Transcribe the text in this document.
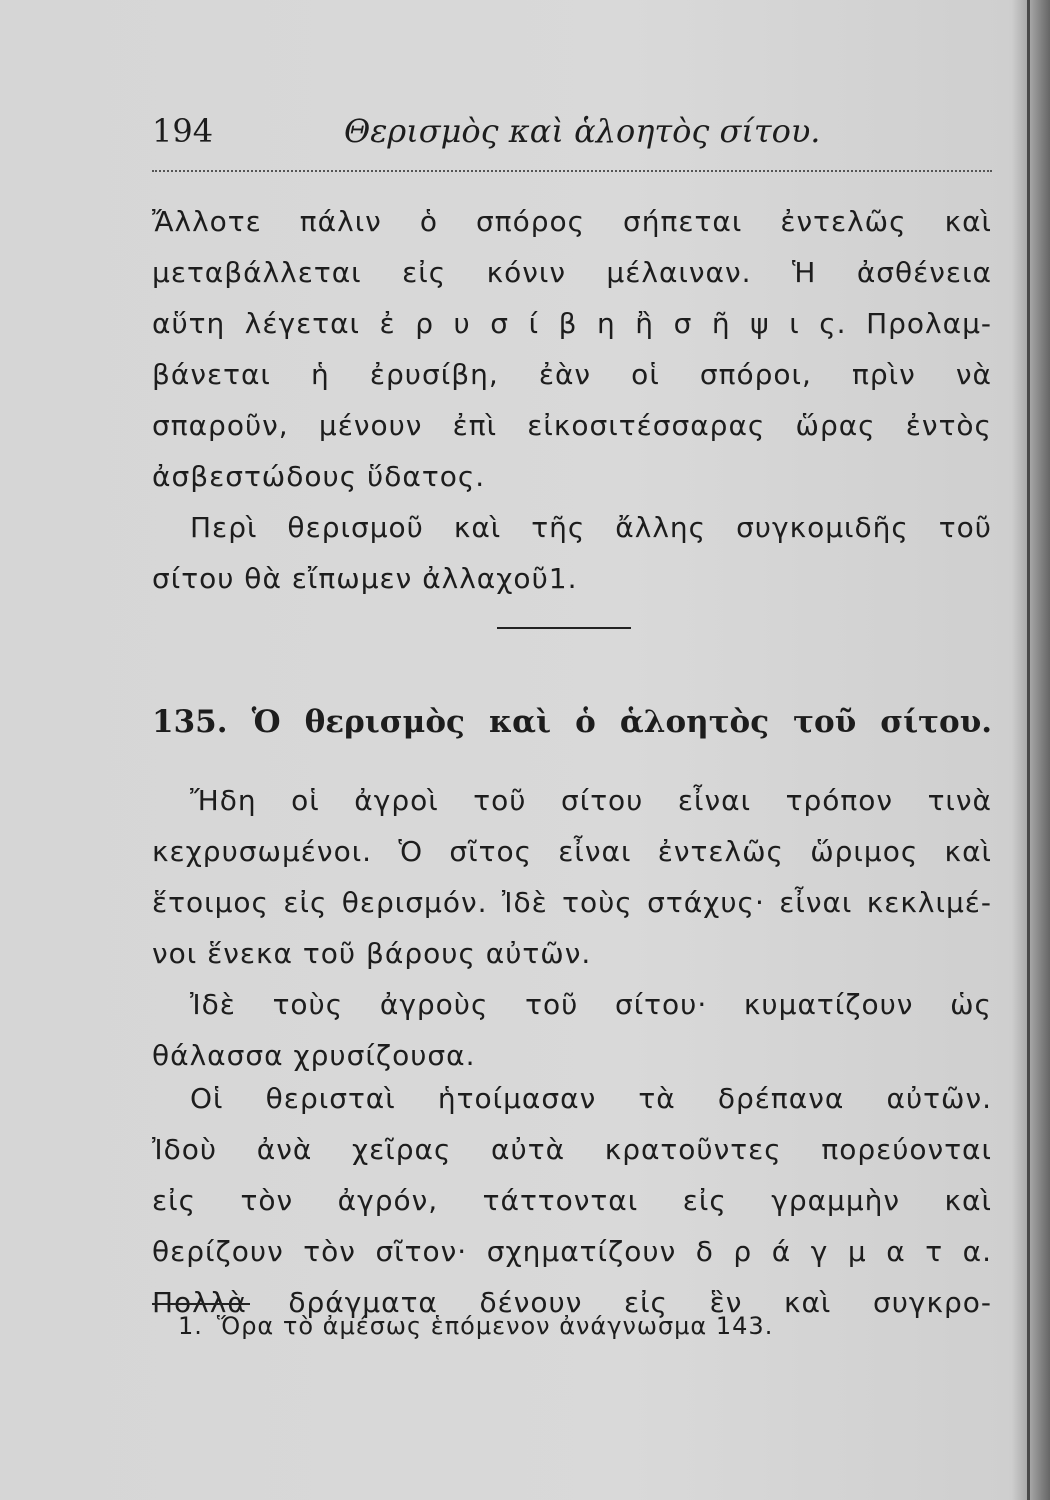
194	Θερισμὸς καὶ ἁλοητὸς σίτου.
Ἄλλοτε πάλιν ὁ σπόρος σήπεται ἐντελῶς καὶ
μεταβάλλεται εἰς κόνιν μέλαιναν. Ἡ ἀσθένεια
αὕτη λέγεται ἐ ρ υ σ ί β η ἢ σ ῆ ψ ι ς. Προλαμ-
βάνεται ἡ ἐρυσίβη, ἐὰν οἱ σπόροι, πρὶν νὰ
σπαροῦν, μένουν ἐπὶ εἰκοσιτέσσαρας ὥρας ἐντὸς
ἀσβεστώδους ὕδατος.
Περὶ θερισμοῦ καὶ τῆς ἄλλης συγκομιδῆς τοῦ
σίτου θὰ εἴπωμεν ἀλλαχοῦ1.
135. Ὁ θερισμὸς καὶ ὁ ἁλοητὸς τοῦ σίτου.
Ἤδη οἱ ἀγροὶ τοῦ σίτου εἶναι τρόπον τινὰ
κεχρυσωμένοι. Ὁ σῖτος εἶναι ἐντελῶς ὥριμος καὶ
ἕτοιμος εἰς θερισμόν. Ἰδὲ τοὺς στάχυς· εἶναι κεκλιμέ-
νοι ἕνεκα τοῦ βάρους αὐτῶν.
Ἰδὲ τοὺς ἀγροὺς τοῦ σίτου· κυματίζουν ὡς
θάλασσα χρυσίζουσα.
Οἱ θερισταὶ ἡτοίμασαν τὰ δρέπανα αὐτῶν.
Ἰδοὺ ἀνὰ χεῖρας αὐτὰ κρατοῦντες πορεύονται
εἰς τὸν ἀγρόν, τάττονται εἰς γραμμὴν καὶ
θερίζουν τὸν σῖτον· σχηματίζουν δ ρ ά γ μ α τ α.
Πολλὰ δράγματα δένουν εἰς ἓν καὶ συγκρο-
1. Ὅρα τὸ ἀμέσως ἑπόμενον ἀνάγνωσμα 143.
